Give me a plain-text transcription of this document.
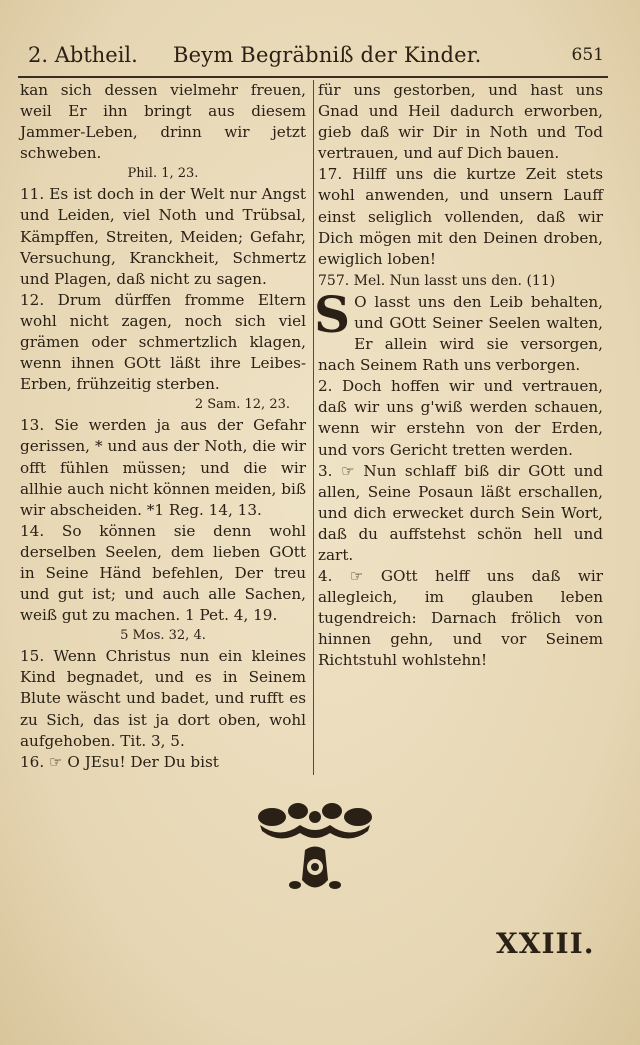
2. Abtheil. Beym Begräbniß der Kinder.	651

kan sich dessen vielmehr freuen, weil Er ihn bringt aus diesem Jammer-Leben, drinn wir jetzt schweben.

Phil. 1, 23.

11. Es ist doch in der Welt nur Angst und Leiden, viel Noth und Trübsal, Kämpffen, Streiten, Meiden; Gefahr, Versuchung, Kranckheit, Schmertz und Plagen, daß nicht zu sagen.

12. Drum dürffen fromme Eltern wohl nicht zagen, noch sich viel grämen oder schmertzlich klagen, wenn ihnen GOtt läßt ihre Leibes-Erben, frühzeitig sterben.

2 Sam. 12, 23.

13. Sie werden ja aus der Gefahr gerissen, * und aus der Noth, die wir offt fühlen müssen; und die wir allhie auch nicht können meiden, biß wir abscheiden. *1 Reg. 14, 13.

14. So können sie denn wohl derselben Seelen, dem lieben GOtt in Seine Händ befehlen, Der treu und gut ist; und auch alle Sachen, weiß gut zu machen. 1 Pet. 4, 19.

5 Mos. 32, 4.

15. Wenn Christus nun ein kleines Kind begnadet, und es in Seinem Blute wäscht und badet, und rufft es zu Sich, das ist ja dort oben, wohl aufgehoben. Tit. 3, 5.

16. ☞ O JEsu! Der Du bist

für uns gestorben, und hast uns Gnad und Heil dadurch erworben, gieb daß wir Dir in Noth und Tod vertrauen, und auf Dich bauen.

17. Hilff uns die kurtze Zeit stets wohl anwenden, und unsern Lauff einst seliglich vollenden, daß wir Dich mögen mit den Deinen droben, ewiglich loben!

757. Mel. Nun lasst uns den. (11)

S O lasst uns den Leib behalten, und GOtt Seiner Seelen walten, Er allein wird sie versorgen, nach Seinem Rath uns verborgen.

2. Doch hoffen wir und vertrauen, daß wir uns g'wiß werden schauen, wenn wir erstehn von der Erden, und vors Gericht tretten werden.

3. ☞ Nun schlaff biß dir GOtt und allen, Seine Posaun läßt erschallen, und dich erwecket durch Sein Wort, daß du auffstehst schön hell und zart.

4. ☞ GOtt helff uns daß wir allegleich, im glauben leben tugendreich: Darnach frölich von hinnen gehn, und vor Seinem Richtstuhl wohlstehn!

XXIII.
